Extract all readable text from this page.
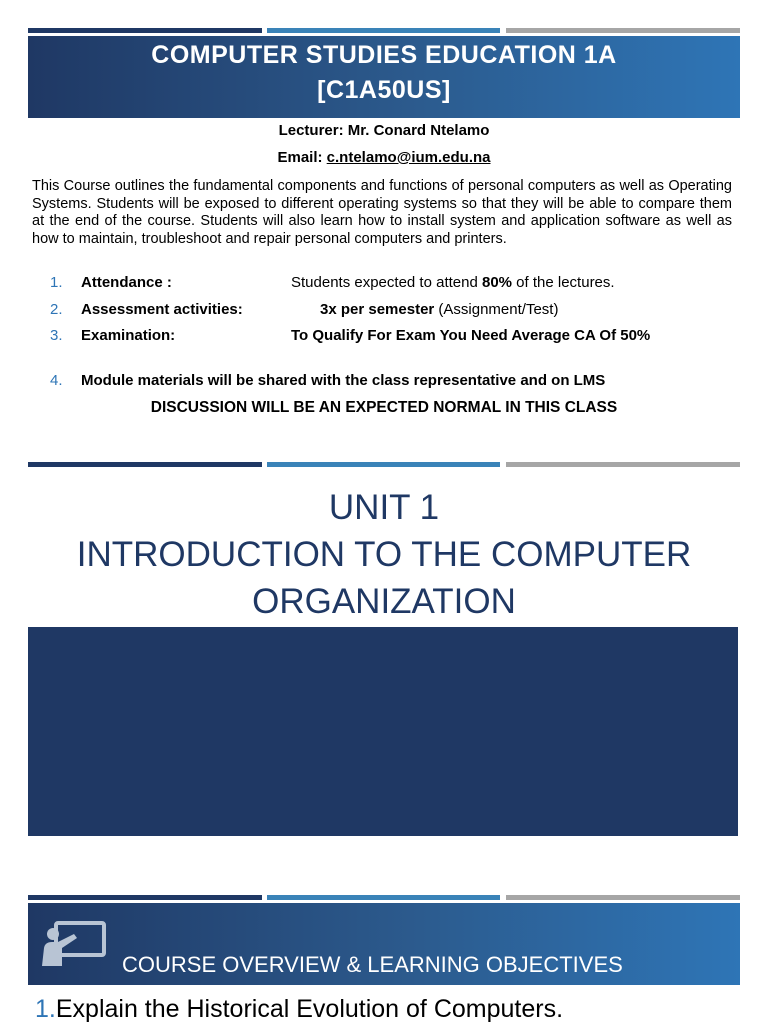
COMPUTER STUDIES EDUCATION 1A
[C1A50US]
Lecturer: Mr. Conard Ntelamo
Email: c.ntelamo@ium.edu.na
This Course outlines the fundamental components and functions of personal computers as well as Operating Systems. Students will be exposed to different operating systems so that they will be able to compare them at the end of the course. Students will also learn how to install system and application software as well as how to maintain, troubleshoot and repair personal computers and printers.
1. Attendance :	Students expected to attend 80% of the lectures.
2. Assessment activities:	3x per semester (Assignment/Test)
3. Examination:	To Qualify For Exam You Need Average CA Of 50%
4. Module materials will be shared with the class representative and on LMS
DISCUSSION WILL BE AN EXPECTED NORMAL IN THIS CLASS
UNIT 1
INTRODUCTION TO THE COMPUTER
ORGANIZATION
COURSE OVERVIEW & LEARNING OBJECTIVES
1.Explain the Historical Evolution of Computers.
